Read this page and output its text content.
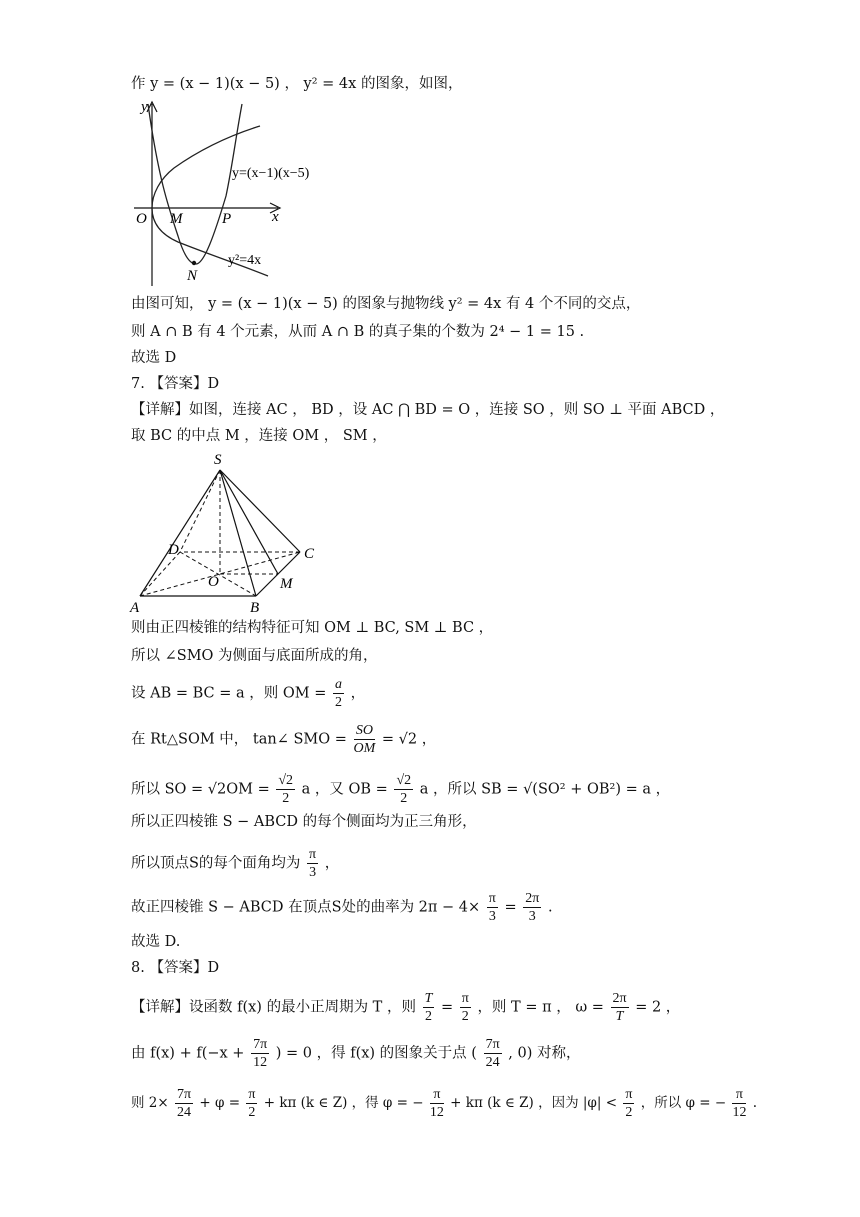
作 y = (x − 1)(x − 5) ， y² = 4x 的图象，如图，
y
x
O M	P
N
y=(x−1)(x−5)
y²=4x
由图可知， y = (x − 1)(x − 5) 的图象与抛物线 y² = 4x 有 4 个不同的交点，
则 A ∩ B 有 4 个元素，从而 A ∩ B 的真子集的个数为 2⁴ − 1 = 15 .
故选 D
7. 【答案】D
【详解】如图，连接 AC ， BD ，设 AC ⋂ BD = O ，连接 SO ，则 SO ⊥ 平面 ABCD ，
取 BC 的中点 M ，连接 OM ， SM ，
S
A	B
C
D
O	M
则由正四棱锥的结构特征可知 OM ⊥ BC, SM ⊥ BC ，
所以 ∠SMO 为侧面与底面所成的角，
设 AB = BC = a ，则 OM = $\frac{a}{2}$ ，
在 Rt△SOM 中， tan∠ SMO = $\frac{SO}{OM} = √2$ ，
所以 SO = $√2OM = \frac{√2}{2}$ a ，又 OB = $\frac{√2}{2}$ a ，所以 SB = √(SO² + OB²) = a ，
所以正四棱锥 S − ABCD 的每个侧面均为正三角形，
所以顶点S的每个面角均为 $\frac{\pi}{3}$ ，
故正四棱锥 S − ABCD 在顶点S处的曲率为 $2\pi - 4\times \frac{\pi}{3} = \frac{2\pi}{3}$ .
故选 D.
8. 【答案】D
【详解】设函数 f(x) 的最小正周期为 T ，则 $\frac{T}{2} = \frac{\pi}{2}$ ，则 T = π ， $\omega = \frac{2\pi}{T} = 2$ ，
由 $f(x) + f(-x + \frac{7\pi}{12}$ ) = 0 ，得 f(x) 的图象关于点 ( $\frac{7\pi}{24}$ , 0) 对称，
则 $2\times \frac{7\pi}{24} + \varphi = \frac{\pi}{2} + k\pi$ (k ∈ Z) ，得 φ = − $\frac{\pi}{12} + k\pi$ (k ∈ Z) ，因为 $|\varphi| < \frac{\pi}{2}$ ，所以 φ = − $\frac{\pi}{12}$ .
